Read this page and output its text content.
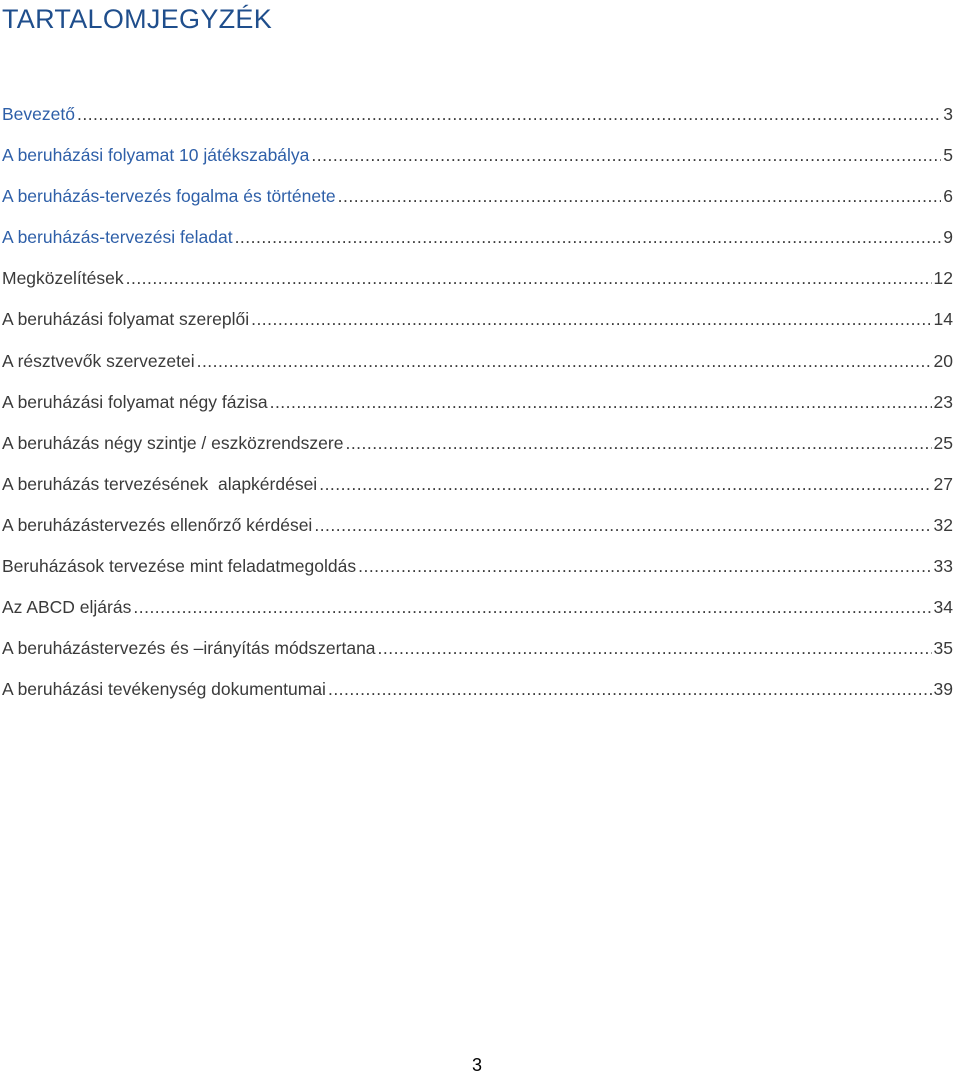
TARTALOMJEGYZÉK
Bevezető .....	3
A beruházási folyamat 10 játékszabálya .....	5
A beruházás-tervezés fogalma és története .....	6
A beruházás-tervezési feladat .....	9
Megközelítések .....	12
A beruházási folyamat szereplői .....	14
A résztvevők szervezetei .....	20
A beruházási folyamat négy fázisa .....	23
A beruházás négy szintje / eszközrendszere .....	25
A beruházás tervezésének  alapkérdései .....	27
A beruházástervezés ellenőrző kérdései .....	32
Beruházások tervezése mint feladatmegoldás .....	33
Az ABCD eljárás .....	34
A beruházástervezés és –irányítás módszertana .....	35
A beruházási tevékenység dokumentumai .....	39
3
